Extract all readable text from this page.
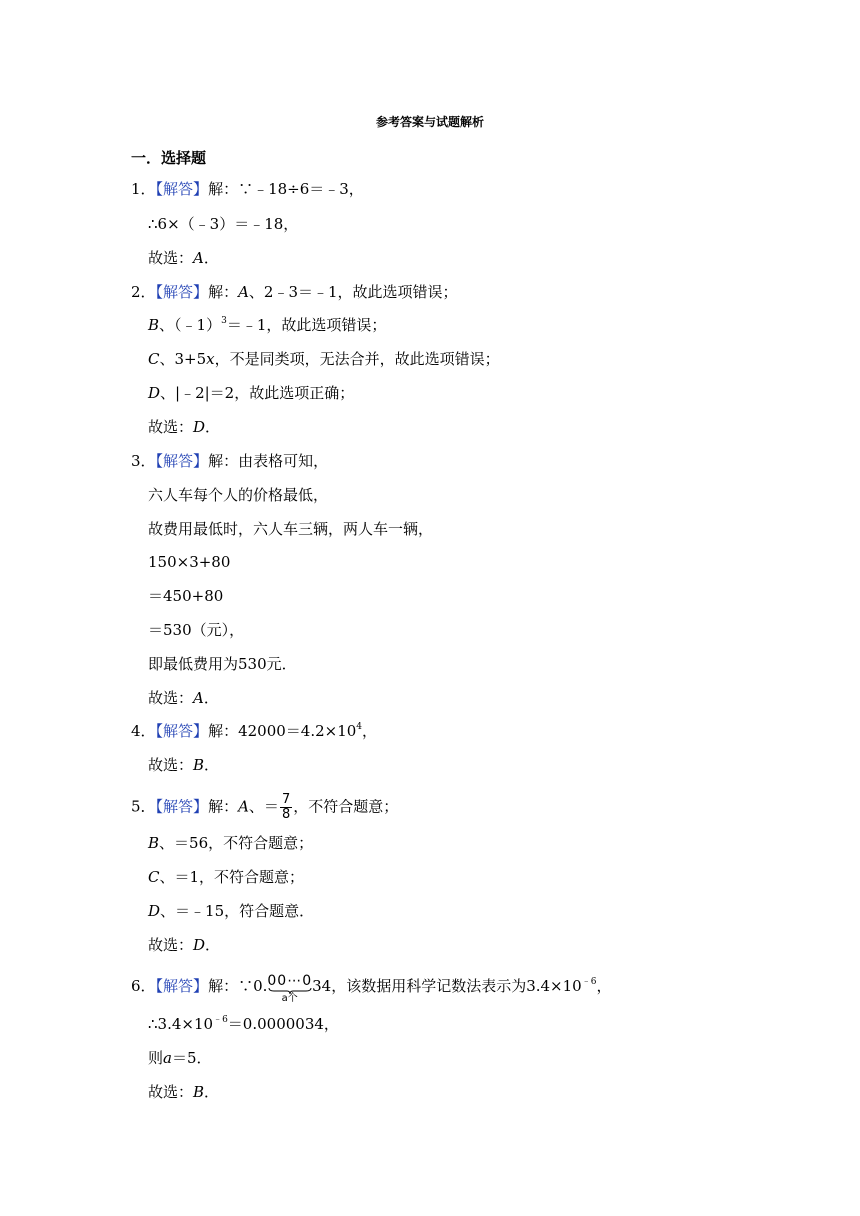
参考答案与试题解析
一．选择题
1．【解答】解：∵﹣18÷6＝﹣3，
∴6×（﹣3）＝﹣18，
故选：A．
2．【解答】解：A、2﹣3＝﹣1，故此选项错误；
B、（﹣1）$^3$＝﹣1，故此选项错误；
C、3+5x，不是同类项，无法合并，故此选项错误；
D、|﹣2|＝2，故此选项正确；
故选：D．
3．【解答】解：由表格可知，
六人车每个人的价格最低，
故费用最低时，六人车三辆，两人车一辆，
150×3+80
＝450+80
＝530（元），
即最低费用为530元．
故选：A．
4．【解答】解：$42000=4.2\times 10^4$，
故选：B．
5．【解答】解：A、＝ $\frac{7}{8}$ ，不符合题意；
B、＝56，不符合题意；
C、＝1，不符合题意；
D、＝﹣15，符合题意．
故选：D．
6．【解答】解：∵0. 00⋯0
a个
34，该数据用科学记数法表示为$3.4\times 10^{﹣6}$，
$\therefore 3.4\times 10^{﹣6}=0.0000034$，
则a＝5．
故选：B．
